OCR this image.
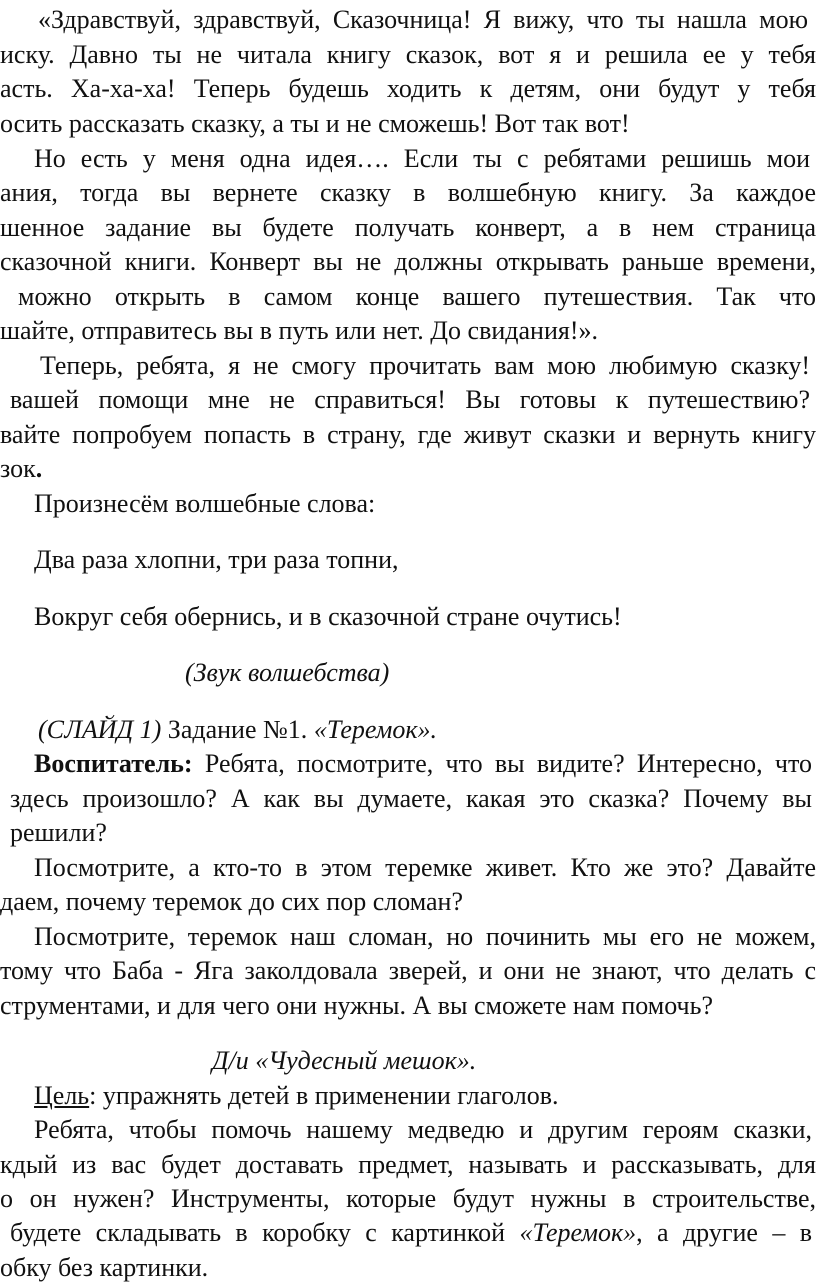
«Здравствуй, здравствуй, Сказочница! Я вижу, что ты нашла мою
иску. Давно ты не читала книгу сказок, вот я и решила ее у тебя
асть. Ха-ха-ха! Теперь будешь ходить к детям, они будут у тебя
осить рассказать сказку, а ты и не сможешь! Вот так вот!
Но есть у меня одна идея…. Если ты с ребятами решишь мои
ания, тогда вы вернете сказку в волшебную книгу. За каждое
шенное задание вы будете получать конверт, а в нем страница
сказочной книги. Конверт вы не должны открывать раньше времени,
можно открыть в самом конце вашего путешествия. Так что
шайте, отправитесь вы в путь или нет. До свидания!».
Теперь, ребята, я не смогу прочитать вам мою любимую сказку!
вашей помощи мне не справиться! Вы готовы к путешествию?
вайте попробуем попасть в страну, где живут сказки и вернуть книгу
зок.
Произнесём волшебные слова:
Два раза хлопни, три раза топни,
Вокруг себя обернись, и в сказочной стране очутись!
(Звук волшебства)
(СЛАЙД 1) Задание №1. «Теремок».
Воспитатель: Ребята, посмотрите, что вы видите? Интересно, что
здесь произошло? А как вы думаете, какая это сказка? Почему вы
решили?
Посмотрите, а кто-то в этом теремке живет. Кто же это? Давайте
даем, почему теремок до сих пор сломан?
Посмотрите, теремок наш сломан, но починить мы его не можем,
тому что Баба - Яга заколдовала зверей, и они не знают, что делать с
струментами, и для чего они нужны. А вы сможете нам помочь?
Д/и «Чудесный мешок».
Цель: упражнять детей в применении глаголов.
Ребята, чтобы помочь нашему медведю и другим героям сказки,
кдый из вас будет доставать предмет, называть и рассказывать, для
о он нужен? Инструменты, которые будут нужны в строительстве,
будете складывать в коробку с картинкой «Теремок», а другие – в
обку без картинки.
